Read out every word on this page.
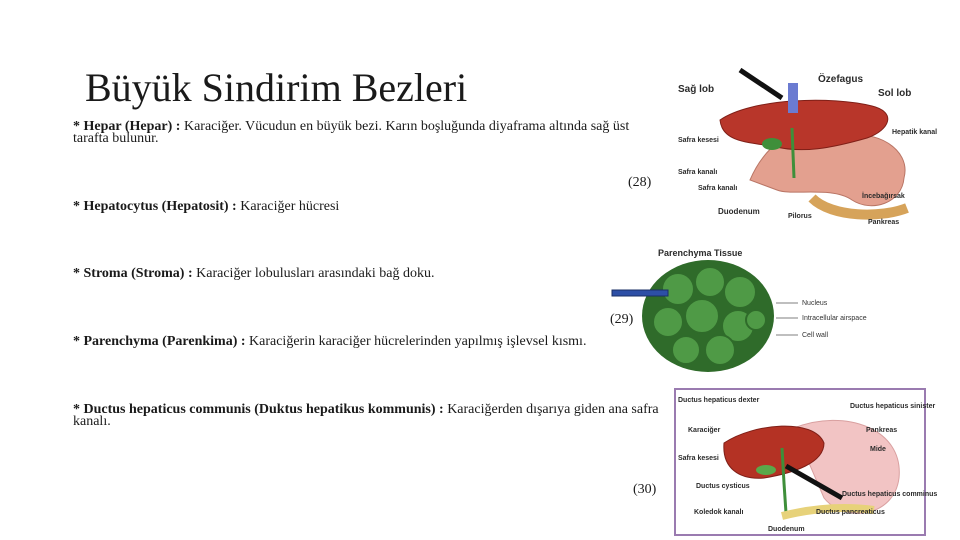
Büyük Sindirim Bezleri

* Hepar (Hepar) : Karaciğer. Vücudun en büyük bezi. Karın boşluğunda diyaframa altında sağ üst tarafta bulunur.

(28)

* Hepatocytus (Hepatosit) : Karaciğer hücresi

* Stroma (Stroma) : Karaciğer lobulusları arasındaki bağ doku.

(29)

* Parenchyma (Parenkima) : Karaciğerin karaciğer hücrelerinden yapılmış işlevsel kısmı.

* Ductus hepaticus communis (Duktus hepatikus kommunis) : Karaciğerden dışarıya giden ana safra kanalı.

(30)
Özefagus
Sağ lob	Sol lob
Safra kesesi
Hepatik kanal
Safra kanalı
Safra kanalı
İncebağırsak
Duodenum
Pilorus
Pankreas
Parenchyma Tissue
Nucleus
Intracellular airspace
Cell wall
Ductus hepaticus dexter
Ductus hepaticus sinister
Karaciğer	Pankreas
Safra kesesi
Mide
Ductus cysticus
Ductus hepaticus comminus
Koledok kanalı	Ductus pancreaticus
Duodenum
